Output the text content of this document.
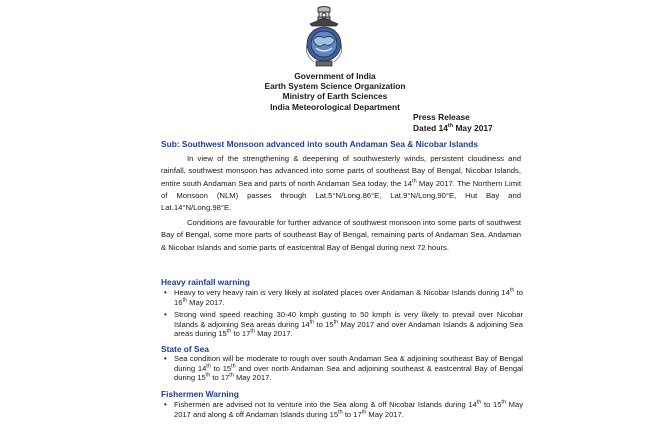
Government of India
Earth System Science Organization
Ministry of Earth Sciences
India Meteorological Department
Press Release
Dated 14th May 2017
Sub: Southwest Monsoon advanced into south Andaman Sea & Nicobar Islands
In view of the strengthening & deepening of southwesterly winds, persistent cloudiness and rainfall, southwest monsoon has advanced into some parts of southeast Bay of Bengal, Nicobar Islands, entire south Andaman Sea and parts of north Andaman Sea today, the 14th May 2017. The Northern Limit of Monsoon (NLM) passes through Lat.5°N/Long.86°E, Lat.9°N/Long.90°E, Hut Bay and Lat.14°N/Long.98°E.
Conditions are favourable for further advance of southwest monsoon into some parts of southwest Bay of Bengal, some more parts of southeast Bay of Bengal, remaining parts of Andaman Sea, Andaman & Nicobar Islands and some parts of eastcentral Bay of Bengal during next 72 hours.
Heavy rainfall warning
• Heavy to very heavy rain is very likely at isolated places over Andaman & Nicobar Islands during 14th to 16th May 2017.
• Strong wind speed reaching 30-40 kmph gusting to 50 kmph is very likely to prevail over Nicobar Islands & adjoining Sea areas during 14th to 15th May 2017 and over Andaman Islands & adjoining Sea areas during 15th to 17th May 2017.
State of Sea
• Sea condition will be moderate to rough over south Andaman Sea & adjoining southeast Bay of Bengal during 14th to 15th and over north Andaman Sea and adjoining southeast & eastcentral Bay of Bengal during 15th to 17th May 2017.
Fishermen Warning
• Fishermen are advised not to venture into the Sea along & off Nicobar Islands during 14th to 15th May 2017 and along & off Andaman Islands during 15th to 17th May 2017.
